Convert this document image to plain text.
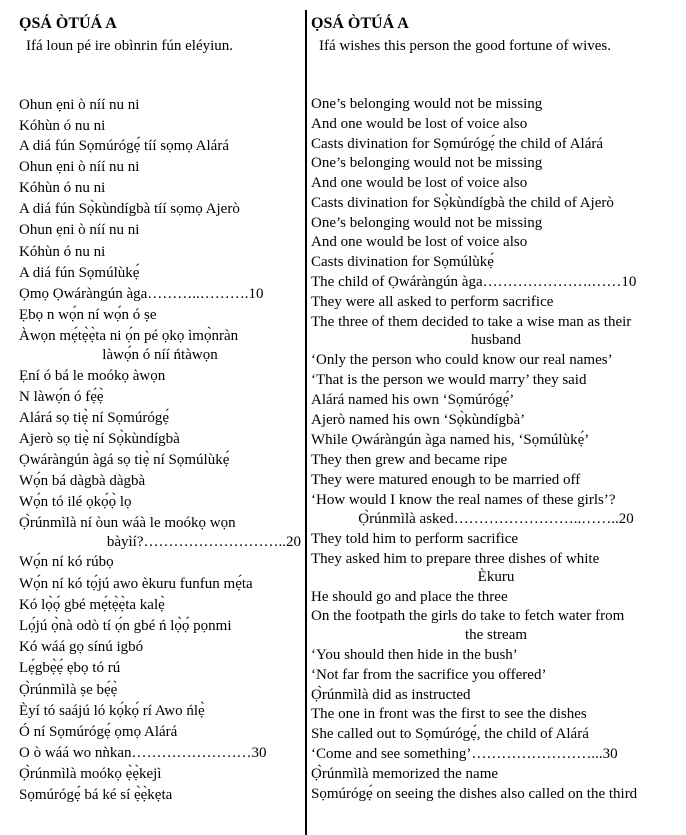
ỌSÁ ÒTÚÁ A
Ifá loun pé ire obìnrin fún eléyiun.
Ohun ẹni ò níí nu ni
Kóhùn ó nu ni
A diá fún Sọmúrógẹ́ tíí sọmọ Alárá
Ohun ẹni ò níí nu ni
Kóhùn ó nu ni
A diá fún Sọ̀kùndígbà tíí sọmọ Ajerò
Ohun ẹni ò níí nu ni
Kóhùn ó nu ni
A diá fún Sọmúlùkẹ́
Ọmọ Ọwáràngún àga………..……….10
Ẹbọ n wọ́n ní wọ́n ó ṣe
Àwọn mẹ́tẹ̀ẹ̀ta ni ọ́n pé ọkọ ìmọ̀nràn
làwọ́n ó níí ńtàwọn
Ẹní ó bá le moókọ àwọn
N làwọ́n ó fẹ́ẹ̀
Alárá sọ tiẹ̀ ní Sọmúrógẹ́
Ajerò sọ tiẹ̀ ní Sọ̀kùndígbà
Ọwáràngún àgá sọ tiẹ̀ ní Sọmúlùkẹ́
Wọ́n bá dàgbà dàgbà
Wọ́n tó ilé ọkọ́ọ̀ lọ
Ọ̀rúnmìlà ní òun wáà le moókọ wọn
bàyìí?………………………..20
Wọ́n ní kó rúbọ
Wọ́n ní kó tọ́jú awo èkuru funfun mẹ́ta
Kó lọ̀ọ́ gbé mẹ́tẹ̀ẹ̀ta kalẹ̀
Lọ́jú ọ̀nà odò tí ọ́n gbé ń lọ̀ọ́ pọnmi
Kó wáá gọ sínú igbó
Lẹ́gbẹ̀ẹ́ ẹbọ tó rú
Ọ̀rúnmìlà ṣe bẹ́ẹ̀
Èyí tó saájú ló kọ́kọ́ rí Awo ńlẹ̀
Ó ní Sọmúrógẹ́ ọmọ Alárá
O ò wáá wo nǹkan……………………30
Ọ̀rúnmìlà moókọ ẹ̀ẹ̀kejì
Sọmúrógẹ́ bá ké sí ẹ̀ẹ̀kẹta
ỌSÁ ÒTÚÁ A
Ifá wishes this person the good fortune of wives.
One’s belonging would not be missing
And one would be lost of voice also
Casts divination for Sọmúrógẹ́ the child of Alárá
One’s belonging would not be missing
And one would be lost of voice also
Casts divination for Sọ̀kùndígbà the child of Ajerò
One’s belonging would not be missing
And one would be lost of voice also
Casts divination for Sọmúlùkẹ́
The child of Ọwáràngún àga………………….……10
They were all asked to perform sacrifice
The three of them decided to take a wise man as their
husband
‘Only the person who could know our real names’
‘That is the person we would marry’ they said
Alárá named his own ‘Sọmúrógẹ́’
Ajerò named his own ‘Sọ̀kùndígbà’
While Ọwáràngún àga named his, ‘Sọmúlùkẹ́’
They then grew and became ripe
They were matured enough to be married off
‘How would I know the real names of these girls’?
Ọ̀rúnmìlà asked……………………..……..20
They told him to perform sacrifice
They asked him to prepare three dishes of white
Èkuru
He should go and place the three
On the footpath the girls do take to fetch water from
the stream
‘You should then hide in the bush’
‘Not far from the sacrifice you offered’
Ọ̀rúnmìlà did as instructed
The one in front was the first to see the dishes
She called out to Sọmúrógẹ́, the child of Alárá
‘Come and see something’……………………...30
Ọ̀rúnmìlà memorized the name
Sọmúrógẹ́ on seeing the dishes also called on the third
